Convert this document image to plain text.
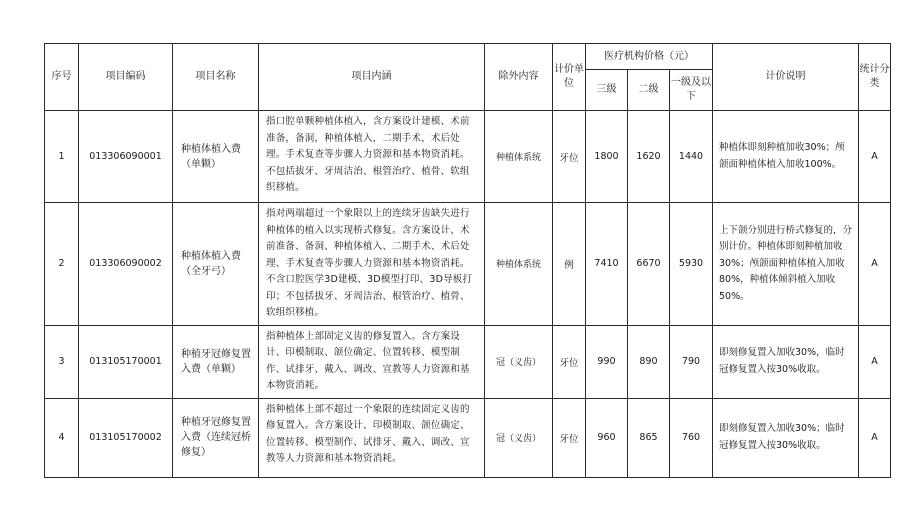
序号	项目编码	项目名称	项目内涵	除外内容	计价单位	医疗机构价格（元）			计价说明	统计分类
						三级	二级	一级及以下		
1	013306090001	种植体植入费（单颗）	指口腔单颗种植体植入，含方案设计建模、术前准备，备洞，种植体植入，二期手术，术后处理。手术复查等步骤人力资源和基本物资消耗。不包括拔牙、牙周洁治、根管治疗、植骨、软组织移植。	种植体系统	牙位	1800	1620	1440	种植体即刻种植加收30%；颅颌面种植体植入加收100%。	A
2	013306090002	种植体植入费（全牙弓）	指对两端超过一个象限以上的连续牙齿缺失进行种植体的植入以实现桥式修复。含方案设计、术前准备、备洞、种植体植入、二期手术、术后处理、手术复查等步骤人力资源和基本物资消耗。不含口腔医学3D建模、3D模型打印、3D导板打印；不包括拔牙、牙周洁治、根管治疗、植骨、软组织移植。	种植体系统	例	7410	6670	5930	上下颌分别进行桥式修复的，分别计价。种植体即刻种植加收30%；颅颌面种植体植入加收80%，种植体倾斜植入加收50%。	A
3	013105170001	种植牙冠修复置入费（单颗）	指种植体上部固定义齿的修复置入。含方案设计、印模制取、颌位确定、位置转移、模型制作、试排牙、戴入、调改、宣教等人力资源和基本物资消耗。	冠（义齿）	牙位	990	890	790	即刻修复置入加收30%，临时冠修复置入按30%收取。	A
4	013105170002	种植牙冠修复置入费（连续冠桥修复）	指种植体上部不超过一个象限的连续固定义齿的修复置入。含方案设计、印模制取、颌位确定、位置转移、模型制作、试排牙、戴入、调改、宣教等人力资源和基本物资消耗。	冠（义齿）	牙位	960	865	760	即刻修复置入加收30%；临时冠修复置入按30%收取。	A
